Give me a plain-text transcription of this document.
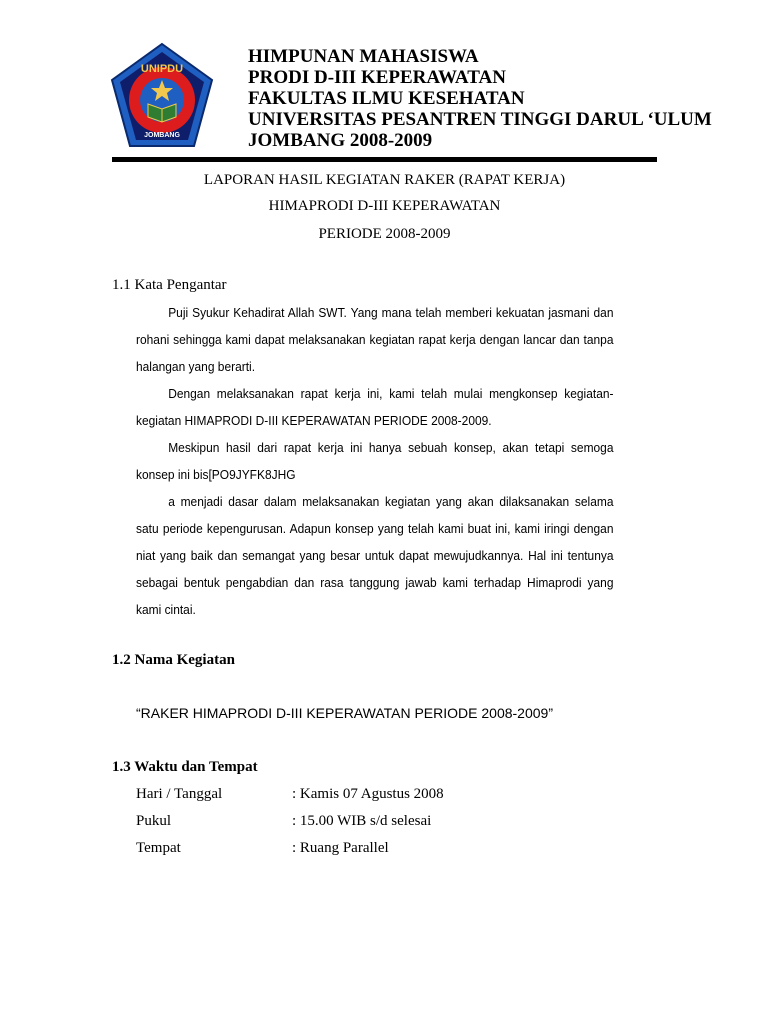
UNIPDU
JOMBANG
HIMPUNAN MAHASISWA
PRODI D-III KEPERAWATAN
FAKULTAS ILMU KESEHATAN
UNIVERSITAS PESANTREN TINGGI DARUL ‘ULUM
JOMBANG 2008-2009
LAPORAN HASIL KEGIATAN RAKER (RAPAT KERJA)
HIMAPRODI D-III KEPERAWATAN
PERIODE 2008-2009
1.1 Kata Pengantar
Puji Syukur Kehadirat Allah SWT. Yang mana telah memberi kekuatan jasmani dan rohani sehingga kami dapat melaksanakan kegiatan rapat kerja dengan lancar dan tanpa halangan yang berarti.
Dengan melaksanakan rapat kerja ini, kami telah mulai mengkonsep kegiatan-kegiatan HIMAPRODI D-III KEPERAWATAN PERIODE 2008-2009.
Meskipun hasil dari rapat kerja ini hanya sebuah konsep, akan tetapi semoga konsep ini bis[PO9JYFK8JHG
a menjadi dasar dalam melaksanakan kegiatan yang akan dilaksanakan selama satu periode kepengurusan. Adapun konsep yang telah kami buat ini, kami iringi dengan niat yang baik dan semangat yang besar untuk dapat mewujudkannya. Hal ini tentunya sebagai bentuk pengabdian dan rasa tanggung jawab kami terhadap Himaprodi yang kami cintai.
1.2 Nama Kegiatan
“RAKER HIMAPRODI D-III KEPERAWATAN PERIODE 2008-2009”
1.3 Waktu dan Tempat
Hari / Tanggal	: Kamis 07 Agustus 2008
Pukul	: 15.00 WIB s/d selesai
Tempat	: Ruang Parallel
